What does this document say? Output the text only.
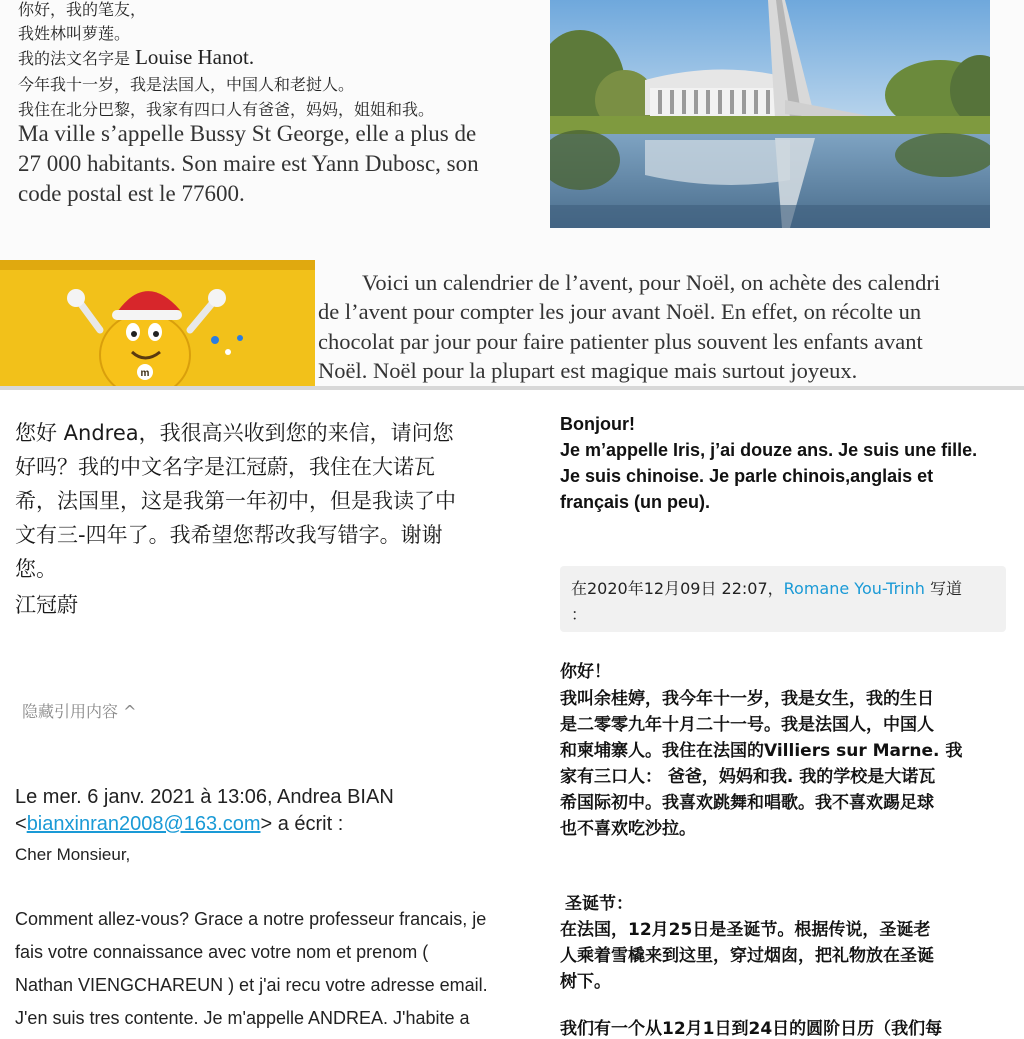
你好，我的笔友，
我姓林叫萝莲。
我的法文名字是 Louise Hanot.
今年我十一岁，我是法国人，中国人和老挝人。
我住在北分巴黎，我家有四口人有爸爸，妈妈，姐姐和我。
Ma ville s’appelle Bussy St George, elle a plus de
27 000 habitants. Son maire est Yann Dubosc, son
code postal est le 77600.
m
Voici un calendrier de l’avent, pour Noël, on achète des calendri
de l’avent pour compter les jour avant Noël. En effet, on récolte un
chocolat par jour pour faire patienter plus souvent les enfants avant
Noël. Noël pour la plupart est magique mais surtout joyeux.
您好 Andrea，我很高兴收到您的来信，请问您
好吗？我的中文名字是江冠蔚，我住在大诺瓦
希，法国里，这是我第一年初中，但是我读了中
文有三-四年了。我希望您帮改我写错字。谢谢
您。
江冠蔚
隐藏引用内容 ^
Le mer. 6 janv. 2021 à 13:06, Andrea BIAN
<bianxinran2008@163.com> a écrit :
Cher Monsieur,
Comment allez-vous? Grace a notre professeur francais, je
fais votre connaissance avec votre nom et prenom (
Nathan VIENGCHAREUN ) et j'ai recu votre adresse email.
J'en suis tres contente. Je m'appelle ANDREA. J'habite a
Bonjour!
Je m’appelle Iris, j’ai douze ans. Je suis une fille.
Je suis chinoise. Je parle chinois,anglais et
français (un peu).
在2020年12月09日 22:07，Romane You-Trinh 写道
：
你好！
我叫余桂婷，我今年十一岁，我是女生，我的生日
是二零零九年十月二十一号。我是法国人，中国人
和柬埔寨人。我住在法国的Villiers sur Marne. 我
家有三口人： 爸爸，妈妈和我. 我的学校是大诺瓦
希国际初中。我喜欢跳舞和唱歌。我不喜欢踢足球
也不喜欢吃沙拉。
圣诞节：
在法国，12月25日是圣诞节。根据传说，圣诞老
人乘着雪橇来到这里，穿过烟囱，把礼物放在圣诞
树下。
我们有一个从12月1日到24日的圆阶日历（我们每
